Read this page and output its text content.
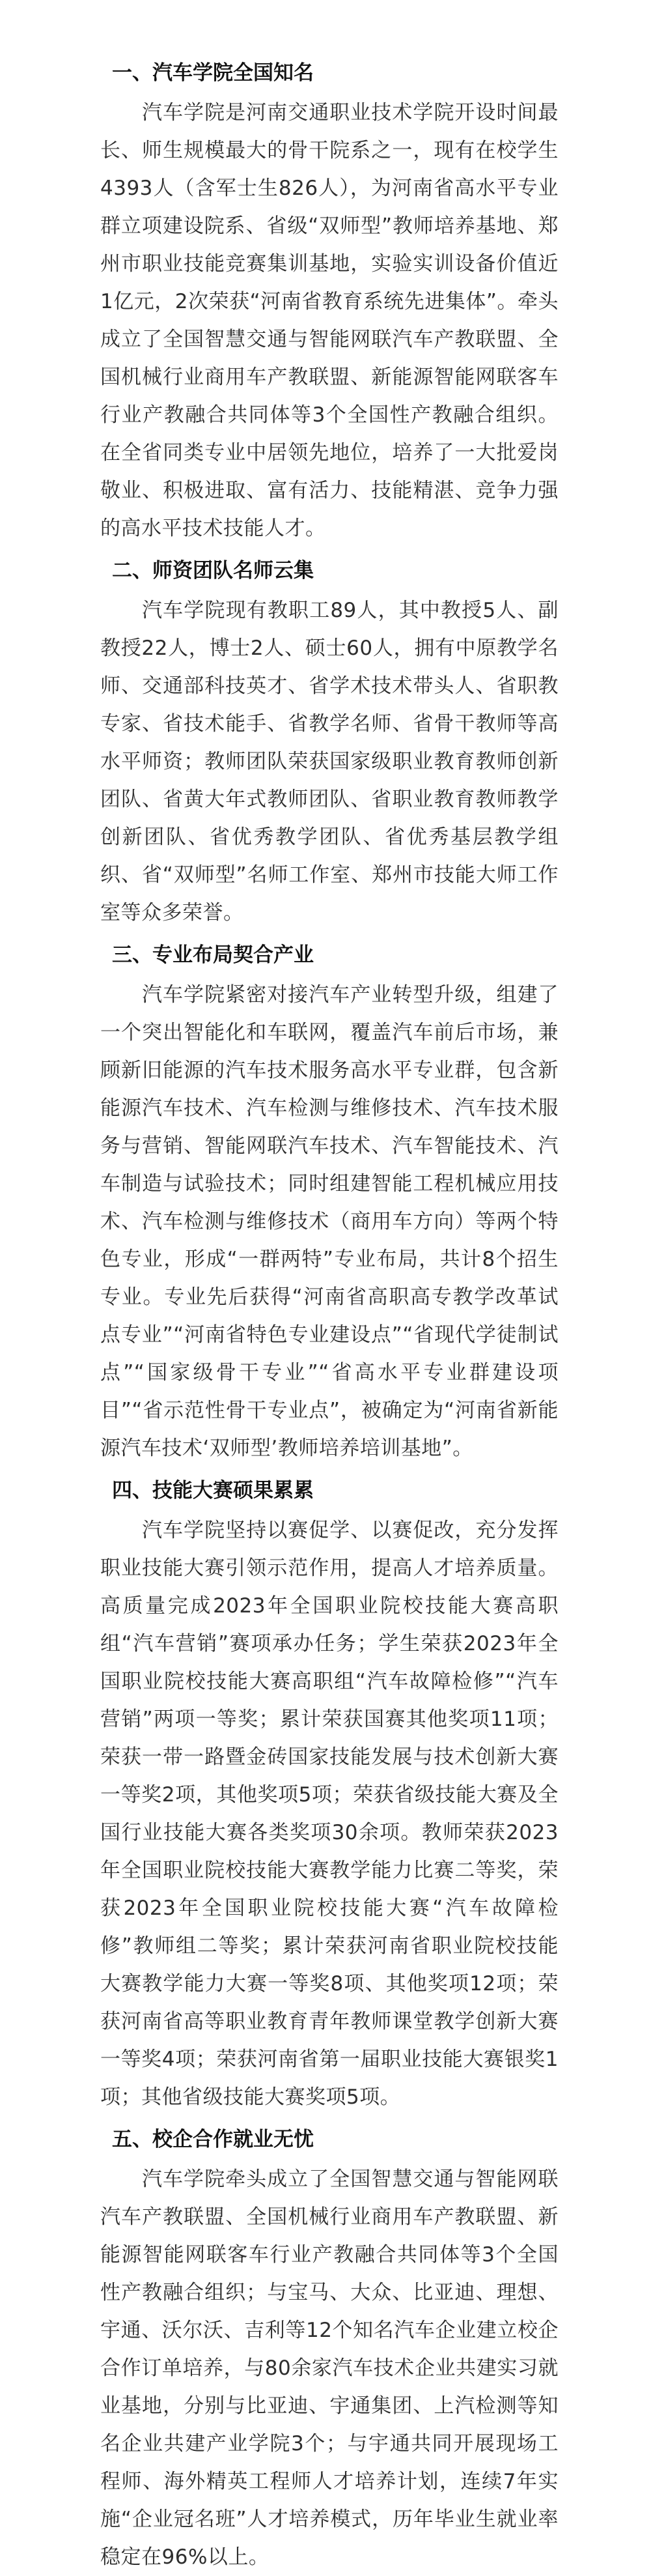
一、汽车学院全国知名

汽车学院是河南交通职业技术学院开设时间最长、师生规模最大的骨干院系之一，现有在校学生4393人（含军士生826人），为河南省高水平专业群立项建设院系、省级“双师型”教师培养基地、郑州市职业技能竞赛集训基地，实验实训设备价值近1亿元，2次荣获“河南省教育系统先进集体”。牵头成立了全国智慧交通与智能网联汽车产教联盟、全国机械行业商用车产教联盟、新能源智能网联客车行业产教融合共同体等3个全国性产教融合组织。在全省同类专业中居领先地位，培养了一大批爱岗敬业、积极进取、富有活力、技能精湛、竞争力强的高水平技术技能人才。

二、师资团队名师云集

汽车学院现有教职工89人，其中教授5人、副教授22人，博士2人、硕士60人，拥有中原教学名师、交通部科技英才、省学术技术带头人、省职教专家、省技术能手、省教学名师、省骨干教师等高水平师资；教师团队荣获国家级职业教育教师创新团队、省黄大年式教师团队、省职业教育教师教学创新团队、省优秀教学团队、省优秀基层教学组织、省“双师型”名师工作室、郑州市技能大师工作室等众多荣誉。

三、专业布局契合产业

汽车学院紧密对接汽车产业转型升级，组建了一个突出智能化和车联网，覆盖汽车前后市场，兼顾新旧能源的汽车技术服务高水平专业群，包含新能源汽车技术、汽车检测与维修技术、汽车技术服务与营销、智能网联汽车技术、汽车智能技术、汽车制造与试验技术；同时组建智能工程机械应用技术、汽车检测与维修技术（商用车方向）等两个特色专业，形成“一群两特”专业布局，共计8个招生专业。专业先后获得“河南省高职高专教学改革试点专业”“河南省特色专业建设点”“省现代学徒制试点”“国家级骨干专业”“省高水平专业群建设项目”“省示范性骨干专业点”，被确定为“河南省新能源汽车技术‘双师型’教师培养培训基地”。

四、技能大赛硕果累累

汽车学院坚持以赛促学、以赛促改，充分发挥职业技能大赛引领示范作用，提高人才培养质量。高质量完成2023年全国职业院校技能大赛高职组“汽车营销”赛项承办任务；学生荣获2023年全国职业院校技能大赛高职组“汽车故障检修”“汽车营销”两项一等奖；累计荣获国赛其他奖项11项；荣获一带一路暨金砖国家技能发展与技术创新大赛一等奖2项，其他奖项5项；荣获省级技能大赛及全国行业技能大赛各类奖项30余项。教师荣获2023年全国职业院校技能大赛教学能力比赛二等奖，荣获2023年全国职业院校技能大赛“汽车故障检修”教师组二等奖；累计荣获河南省职业院校技能大赛教学能力大赛一等奖8项、其他奖项12项；荣获河南省高等职业教育青年教师课堂教学创新大赛一等奖4项；荣获河南省第一届职业技能大赛银奖1项；其他省级技能大赛奖项5项。

五、校企合作就业无忧

汽车学院牵头成立了全国智慧交通与智能网联汽车产教联盟、全国机械行业商用车产教联盟、新能源智能网联客车行业产教融合共同体等3个全国性产教融合组织；与宝马、大众、比亚迪、理想、宇通、沃尔沃、吉利等12个知名汽车企业建立校企合作订单培养，与80余家汽车技术企业共建实习就业基地，分别与比亚迪、宇通集团、上汽检测等知名企业共建产业学院3个；与宇通共同开展现场工程师、海外精英工程师人才培养计划，连续7年实施“企业冠名班”人才培养模式，历年毕业生就业率稳定在96%以上。
